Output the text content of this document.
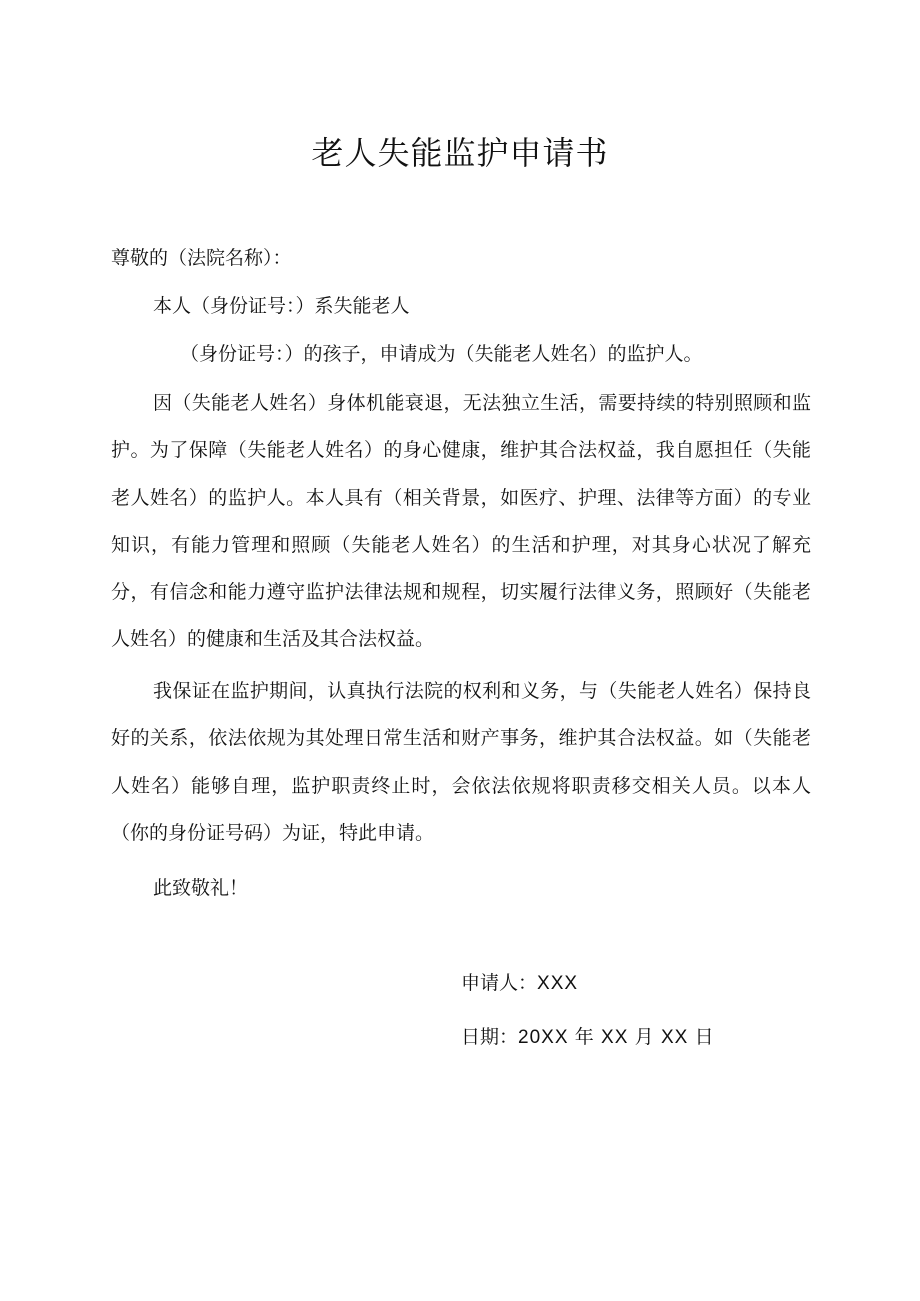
老人失能监护申请书

尊敬的（法院名称）：

本人（身份证号：）系失能老人

（身份证号：）的孩子，申请成为（失能老人姓名）的监护人。

因（失能老人姓名）身体机能衰退，无法独立生活，需要持续的特别照顾和监护。为了保障（失能老人姓名）的身心健康，维护其合法权益，我自愿担任（失能老人姓名）的监护人。本人具有（相关背景，如医疗、护理、法律等方面）的专业知识，有能力管理和照顾（失能老人姓名）的生活和护理，对其身心状况了解充分，有信念和能力遵守监护法律法规和规程，切实履行法律义务，照顾好（失能老人姓名）的健康和生活及其合法权益。

我保证在监护期间，认真执行法院的权利和义务，与（失能老人姓名）保持良好的关系，依法依规为其处理日常生活和财产事务，维护其合法权益。如（失能老人姓名）能够自理，监护职责终止时，会依法依规将职责移交相关人员。以本人（你的身份证号码）为证，特此申请。

此致敬礼！

申请人：XXX

日期：20XX 年 XX 月 XX 日
